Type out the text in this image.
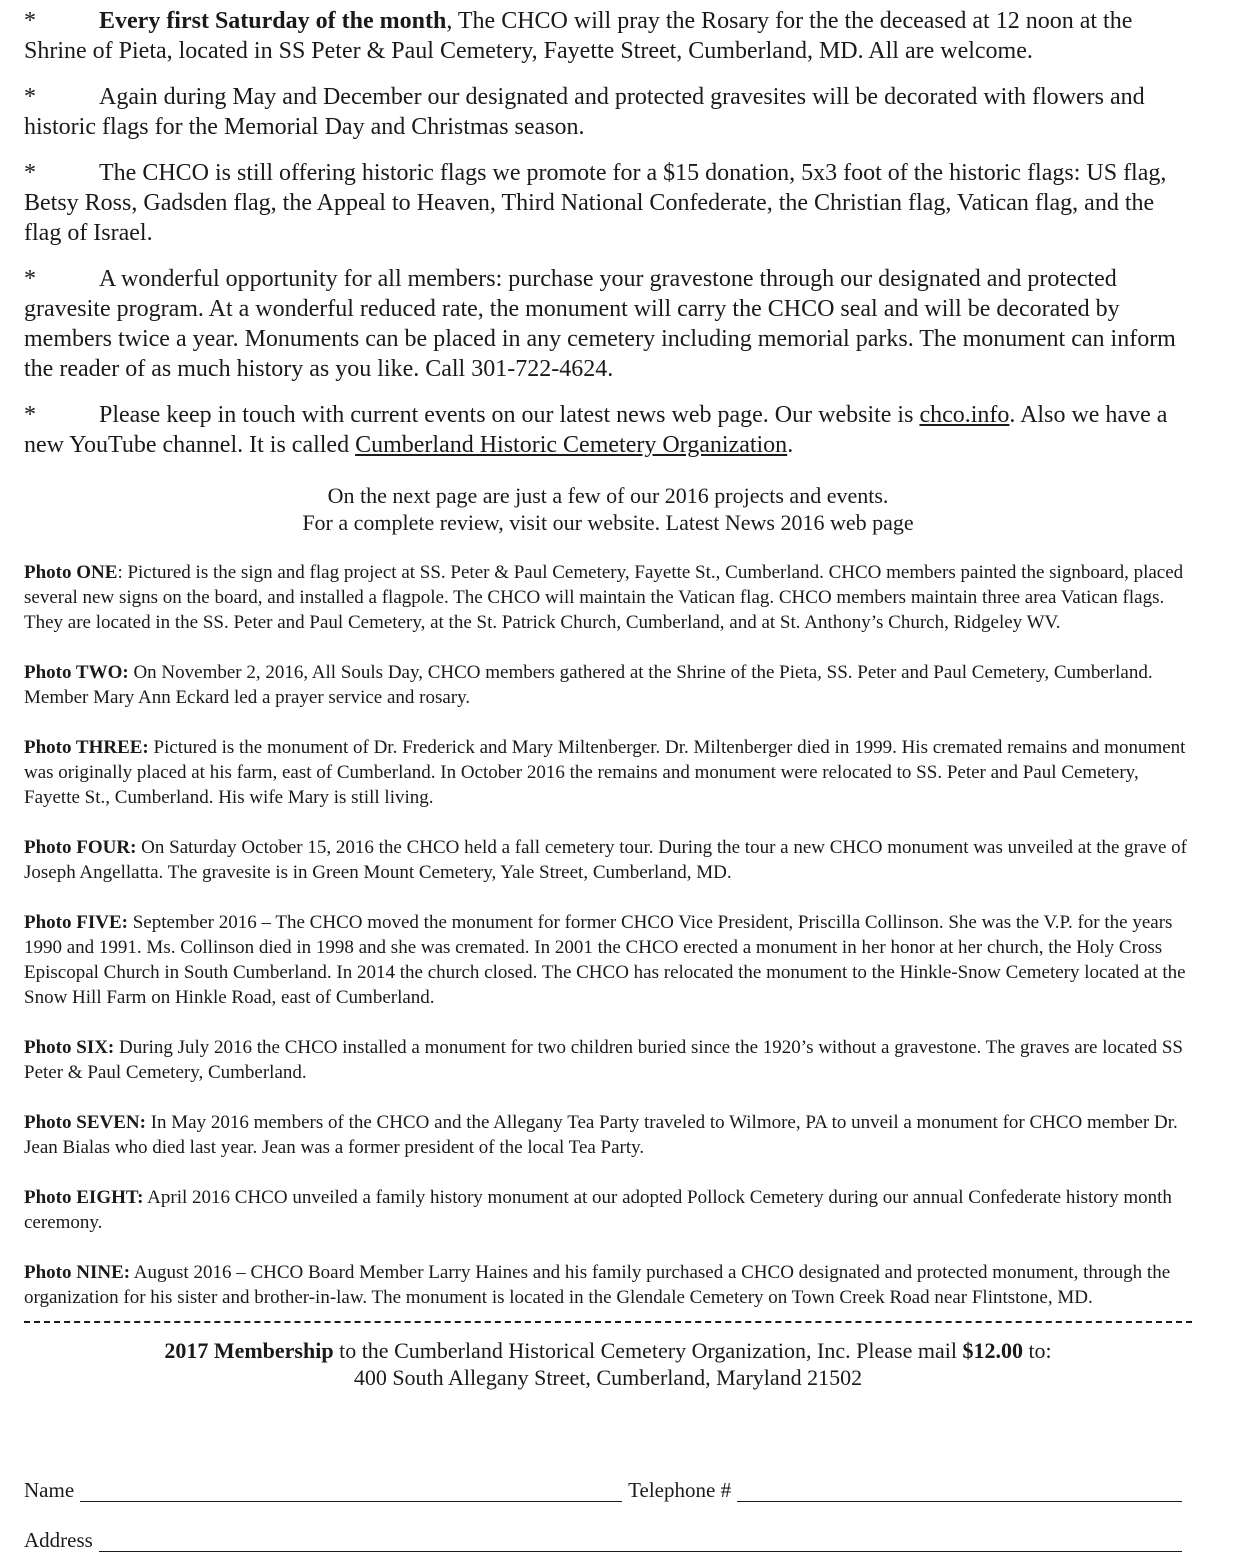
*	Every first Saturday of the month, The CHCO will pray the Rosary for the the deceased at 12 noon at the Shrine of Pieta, located in SS Peter & Paul Cemetery, Fayette Street, Cumberland, MD. All are welcome.
*	Again during May and December our designated and protected gravesites will be decorated with flowers and historic flags for the Memorial Day and Christmas season.
*	The CHCO is still offering historic flags we promote for a $15 donation, 5x3 foot of the historic flags: US flag, Betsy Ross, Gadsden flag, the Appeal to Heaven, Third National Confederate, the Christian flag, Vatican flag, and the flag of Israel.
*	A wonderful opportunity for all members: purchase your gravestone through our designated and protected gravesite program. At a wonderful reduced rate, the monument will carry the CHCO seal and will be decorated by members twice a year. Monuments can be placed in any cemetery including memorial parks. The monument can inform the reader of as much history as you like. Call 301-722-4624.
*	Please keep in touch with current events on our latest news web page. Our website is chco.info. Also we have a new YouTube channel. It is called Cumberland Historic Cemetery Organization.
On the next page are just a few of our 2016 projects and events.
For a complete review, visit our website. Latest News 2016 web page
Photo ONE: Pictured is the sign and flag project at SS. Peter & Paul Cemetery, Fayette St., Cumberland. CHCO members painted the signboard, placed several new signs on the board, and installed a flagpole. The CHCO will maintain the Vatican flag. CHCO members maintain three area Vatican flags. They are located in the SS. Peter and Paul Cemetery, at the St. Patrick Church, Cumberland, and at St. Anthony’s Church, Ridgeley WV.
Photo TWO: On November 2, 2016, All Souls Day, CHCO members gathered at the Shrine of the Pieta, SS. Peter and Paul Cemetery, Cumberland. Member Mary Ann Eckard led a prayer service and rosary.
Photo THREE: Pictured is the monument of Dr. Frederick and Mary Miltenberger. Dr. Miltenberger died in 1999. His cremated remains and monument was originally placed at his farm, east of Cumberland. In October 2016 the remains and monument were relocated to SS. Peter and Paul Cemetery, Fayette St., Cumberland. His wife Mary is still living.
Photo FOUR: On Saturday October 15, 2016 the CHCO held a fall cemetery tour. During the tour a new CHCO monument was unveiled at the grave of Joseph Angellatta. The gravesite is in Green Mount Cemetery, Yale Street, Cumberland, MD.
Photo FIVE: September 2016 – The CHCO moved the monument for former CHCO Vice President, Priscilla Collinson. She was the V.P. for the years 1990 and 1991. Ms. Collinson died in 1998 and she was cremated. In 2001 the CHCO erected a monument in her honor at her church, the Holy Cross Episcopal Church in South Cumberland. In 2014 the church closed. The CHCO has relocated the monument to the Hinkle-Snow Cemetery located at the Snow Hill Farm on Hinkle Road, east of Cumberland.
Photo SIX: During July 2016 the CHCO installed a monument for two children buried since the 1920’s without a gravestone. The graves are located SS Peter & Paul Cemetery, Cumberland.
Photo SEVEN: In May 2016 members of the CHCO and the Allegany Tea Party traveled to Wilmore, PA to unveil a monument for CHCO member Dr. Jean Bialas who died last year. Jean was a former president of the local Tea Party.
Photo EIGHT: April 2016 CHCO unveiled a family history monument at our adopted Pollock Cemetery during our annual Confederate history month ceremony.
Photo NINE: August 2016 – CHCO Board Member Larry Haines and his family purchased a CHCO designated and protected monument, through the organization for his sister and brother-in-law. The monument is located in the Glendale Cemetery on Town Creek Road near Flintstone, MD.
2017 Membership to the Cumberland Historical Cemetery Organization, Inc. Please mail $12.00 to:
400 South Allegany Street, Cumberland, Maryland 21502
Name	Telephone #
Address
